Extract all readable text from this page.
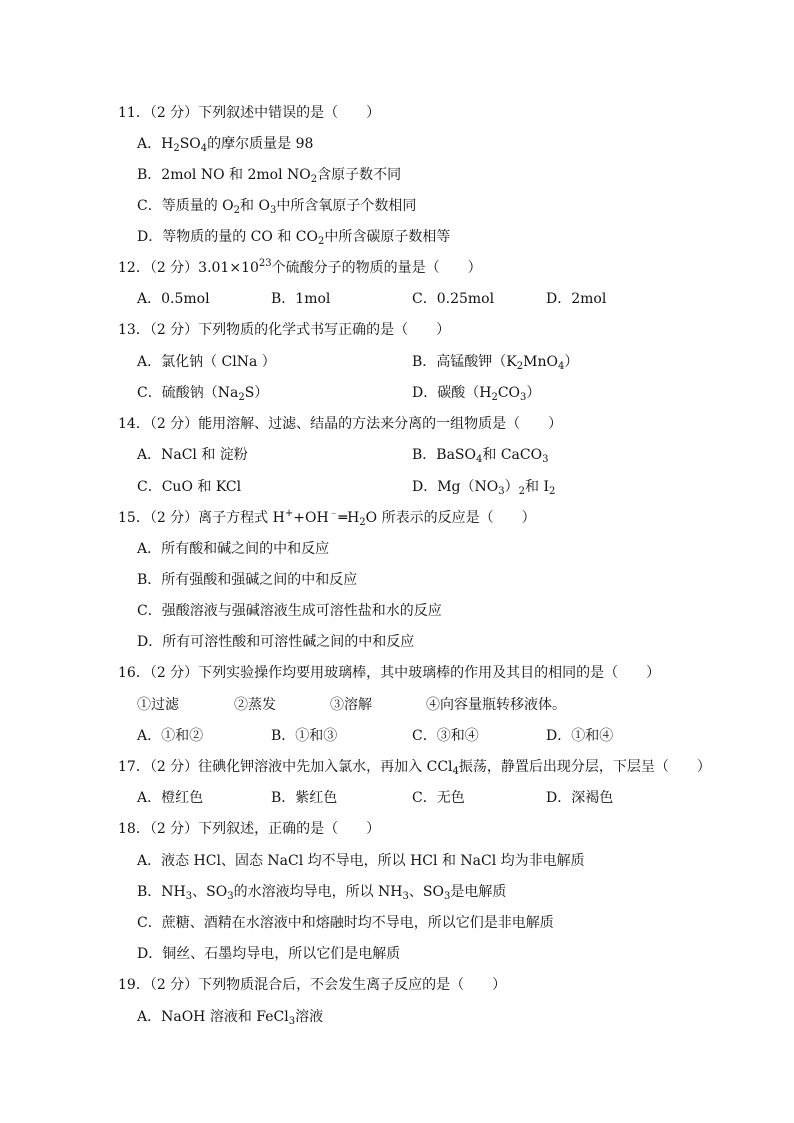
11．（2 分）下列叙述中错误的是（　　）
A．$H_2SO_4$的摩尔质量是 98
B．2mol NO 和 2mol $NO_2$含原子数不同
C．等质量的 $O_2$和 $O_3$中所含氧原子个数相同
D．等物质的量的 CO 和 $CO_2$中所含碳原子数相等
12．（2 分）$3.01\times 10^{23}$个硫酸分子的物质的量是（　　）
A．0.5mol	B．1mol	C．0.25mol	D．2mol
13．（2 分）下列物质的化学式书写正确的是（　　）
A．氯化钠（ ClNa ）	B．高锰酸钾$(K_2MnO_4)$
C．硫酸钠$(Na_2S)$	D．碳酸$(H_2CO_3)$
14．（2 分）能用溶解、过滤、结晶的方法来分离的一组物质是（　　）
A．NaCl 和 淀粉	B．BaSO$_4$和 CaCO$_3$
C．CuO 和 KCl	D．$Mg(NO_3)_2$和 $I_2$
15．（2 分）离子方程式 $H^++OH^﹣═H_2O$ 所表示的反应是（　　）
A．所有酸和碱之间的中和反应
B．所有强酸和强碱之间的中和反应
C．强酸溶液与强碱溶液生成可溶性盐和水的反应
D．所有可溶性酸和可溶性碱之间的中和反应
16．（2 分）下列实验操作均要用玻璃棒，其中玻璃棒的作用及其目的相同的是（　　）
①过滤	②蒸发	③溶解	④向容量瓶转移液体。
A．①和②	B．①和③	C．③和④	D．①和④
17．（2 分）往碘化钾溶液中先加入氯水，再加入 CCl$_4$振荡，静置后出现分层，下层呈（　　）
A．橙红色	B．紫红色	C．无色	D．深褐色
18．（2 分）下列叙述，正确的是（　　）
A．液态 HCl、固态 NaCl 均不导电，所以 HCl 和 NaCl 均为非电解质
B．$NH_3$、$SO_3$的水溶液均导电，所以 $NH_3$、$SO_3$是电解质
C．蔗糖、酒精在水溶液中和熔融时均不导电，所以它们是非电解质
D．铜丝、石墨均导电，所以它们是电解质
19．（2 分）下列物质混合后，不会发生离子反应的是（　　）
A．NaOH 溶液和 FeCl$_3$溶液
